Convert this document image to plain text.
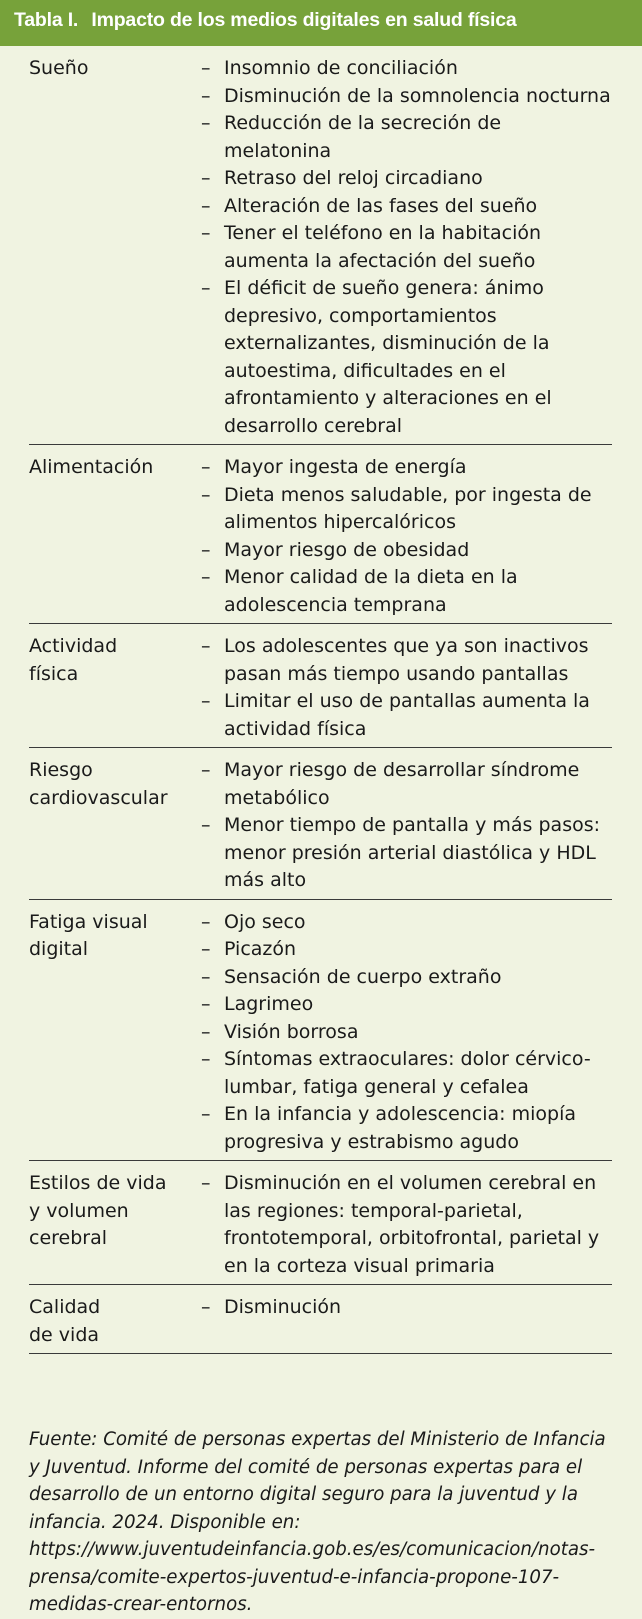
Tabla I. Impacto de los medios digitales en salud física
Sueño	– Insomnio de conciliación
– Disminución de la somnolencia nocturna
– Reducción de la secreción de melatonina
– Retraso del reloj circadiano
– Alteración de las fases del sueño
– Tener el teléfono en la habitación aumenta la afectación del sueño
– El déficit de sueño genera: ánimo depresivo, comportamientos externalizantes, disminución de la autoestima, dificultades en el afrontamiento y alteraciones en el desarrollo cerebral
Alimentación	– Mayor ingesta de energía
– Dieta menos saludable, por ingesta de alimentos hipercalóricos
– Mayor riesgo de obesidad
– Menor calidad de la dieta en la adolescencia temprana
Actividad
física
– Los adolescentes que ya son inactivos pasan más tiempo usando pantallas
– Limitar el uso de pantallas aumenta la actividad física
Riesgo
cardiovascular
– Mayor riesgo de desarrollar síndrome metabólico
– Menor tiempo de pantalla y más pasos: menor presión arterial diastólica y HDL más alto
Fatiga visual
digital
– Ojo seco
– Picazón
– Sensación de cuerpo extraño
– Lagrimeo
– Visión borrosa
– Síntomas extraoculares: dolor cérvico-lumbar, fatiga general y cefalea
– En la infancia y adolescencia: miopía progresiva y estrabismo agudo
Estilos de vida
y volumen
cerebral
– Disminución en el volumen cerebral en las regiones: temporal-parietal, frontotemporal, orbitofrontal, parietal y en la corteza visual primaria
Calidad
de vida
– Disminución
Fuente: Comité de personas expertas del Ministerio de Infancia y Juventud. Informe del comité de personas expertas para el desarrollo de un entorno digital seguro para la juventud y la infancia. 2024. Disponible en: https://www.juventudeinfancia.gob.es/es/comunicacion/notas-prensa/comite-expertos-juventud-e-infancia-propone-107-medidas-crear-entornos.
